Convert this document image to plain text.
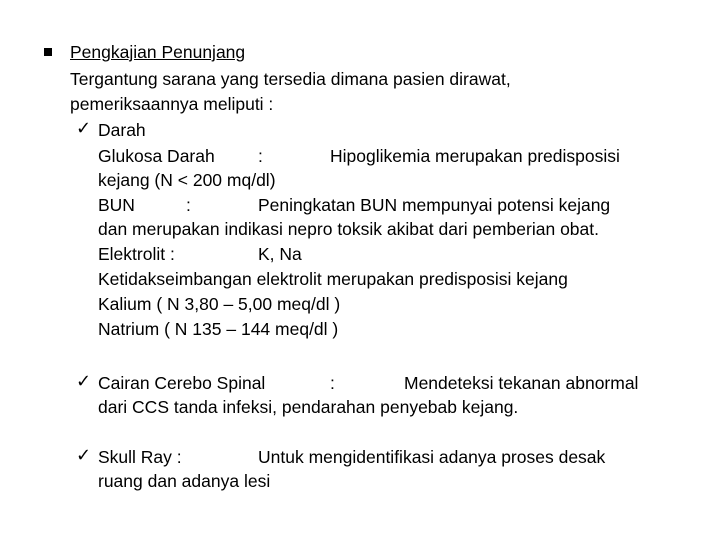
Pengkajian Penunjang
Tergantung sarana yang tersedia dimana pasien dirawat,
pemeriksaannya meliputi :
✓ Darah
Glukosa Darah :	Hipoglikemia merupakan predisposisi
kejang (N < 200 mq/dl)
BUN	:	Peningkatan BUN mempunyai potensi kejang
dan merupakan indikasi nepro toksik akibat dari pemberian obat.
Elektrolit :	K, Na
Ketidakseimbangan elektrolit merupakan predisposisi kejang
Kalium ( N 3,80 – 5,00 meq/dl )
Natrium ( N 135 – 144 meq/dl )
✓ Cairan Cerebo Spinal	:	Mendeteksi tekanan abnormal
dari CCS tanda infeksi, pendarahan penyebab kejang.
✓ Skull Ray :	Untuk mengidentifikasi adanya proses desak
ruang dan adanya lesi
